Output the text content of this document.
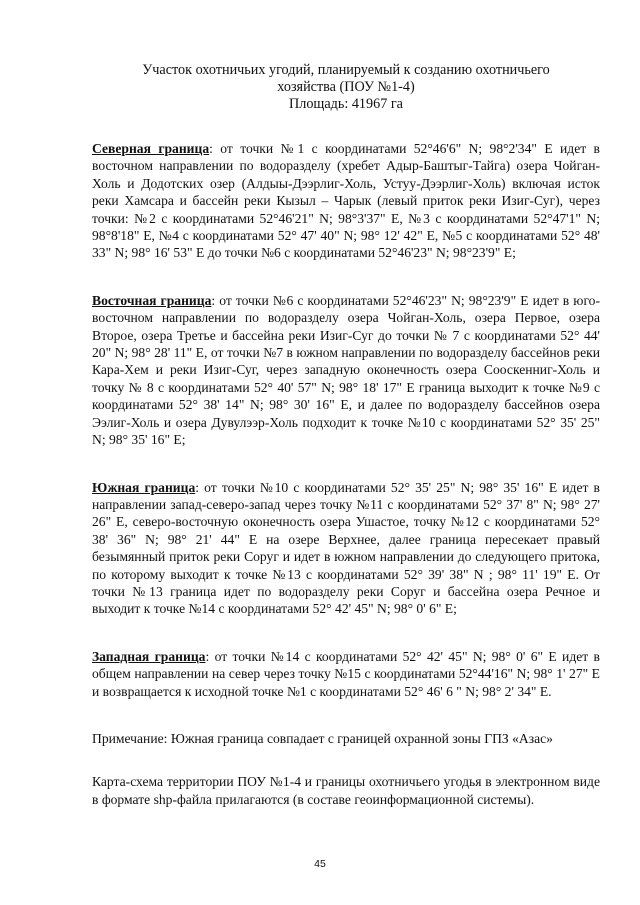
Участок охотничьих угодий, планируемый к созданию охотничьего
хозяйства (ПОУ №1-4)
Площадь: 41967 га

Северная граница: от точки №1 с координатами 52°46'6" N; 98°2'34" E идет в восточном направлении по водоразделу (хребет Адыр-Баштыг-Тайга) озера Чойган-Холь и Додотских озер (Алдыы-Дээрлиг-Холь, Устуу-Дээрлиг-Холь) включая исток реки Хамсара и бассейн реки Кызыл – Чарык (левый приток реки Изиг-Суг), через точки: №2 с координатами 52°46'21" N; 98°3'37" E, №3 с координатами 52°47'1" N; 98°8'18" E, №4 с координатами 52° 47' 40" N; 98° 12' 42" E, №5 с координатами 52° 48' 33" N; 98° 16' 53" E до точки №6 с координатами 52°46'23" N; 98°23'9" E;

Восточная граница: от точки №6 с координатами 52°46'23" N; 98°23'9" E идет в юго-восточном направлении по водоразделу озера Чойган-Холь, озера Первое, озера Второе, озера Третье и бассейна реки Изиг-Суг до точки № 7 с координатами 52° 44' 20" N; 98° 28' 11" E, от точки №7 в южном направлении по водоразделу бассейнов реки Кара-Хем и реки Изиг-Суг, через западную оконечность озера Сооскенниг-Холь и точку № 8 с координатами 52° 40' 57" N; 98° 18' 17" E граница выходит к точке №9 с координатами 52° 38' 14" N; 98° 30' 16" E, и далее по водоразделу бассейнов озера Ээлиг-Холь и озера Дувулээр-Холь подходит к точке №10 с координатами 52° 35' 25" N; 98° 35' 16" E;

Южная граница: от точки №10 с координатами 52° 35' 25" N; 98° 35' 16" E идет в направлении запад-северо-запад через точку №11 с координатами 52° 37' 8" N; 98° 27' 26" E, северо-восточную оконечность озера Ушастое, точку №12 с координатами 52° 38' 36" N; 98° 21' 44" E на озере Верхнее, далее граница пересекает правый безымянный приток реки Соруг и идет в южном направлении до следующего притока, по которому выходит к точке №13 с координатами 52° 39' 38" N ; 98° 11' 19" E. От точки №13 граница идет по водоразделу реки Соруг и бассейна озера Речное и выходит к точке №14 с координатами 52° 42' 45" N; 98° 0' 6" E;

Западная граница: от точки №14 с координатами 52° 42' 45" N; 98° 0' 6" E идет в общем направлении на север через точку №15 с координатами 52°44'16" N; 98° 1' 27" E и возвращается к исходной точке №1 с координатами 52° 46' 6 " N; 98° 2' 34" E.

Примечание: Южная граница совпадает с границей охранной зоны ГПЗ «Азас»

Карта-схема территории ПОУ №1-4 и границы охотничьего угодья в электронном виде в формате shp-файла прилагаются (в составе геоинформационной системы).

45
